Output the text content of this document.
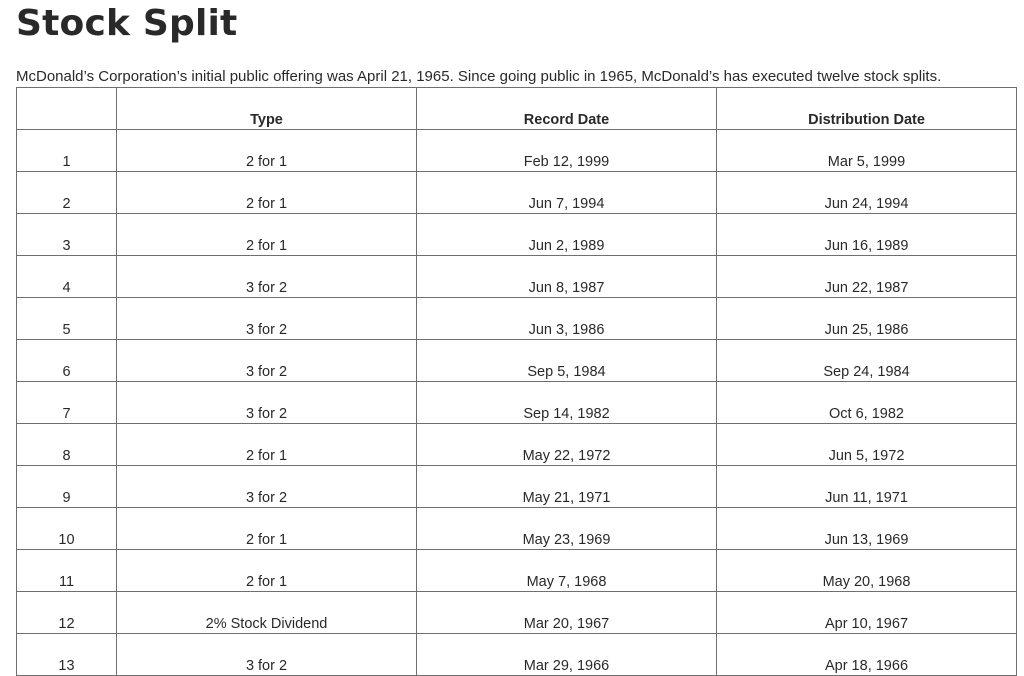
Stock Split

McDonald’s Corporation’s initial public offering was April 21, 1965. Since going public in 1965, McDonald’s has executed twelve stock splits.

	Type	Record Date	Distribution Date
1	2 for 1	Feb 12, 1999	Mar 5, 1999
2	2 for 1	Jun 7, 1994	Jun 24, 1994
3	2 for 1	Jun 2, 1989	Jun 16, 1989
4	3 for 2	Jun 8, 1987	Jun 22, 1987
5	3 for 2	Jun 3, 1986	Jun 25, 1986
6	3 for 2	Sep 5, 1984	Sep 24, 1984
7	3 for 2	Sep 14, 1982	Oct 6, 1982
8	2 for 1	May 22, 1972	Jun 5, 1972
9	3 for 2	May 21, 1971	Jun 11, 1971
10	2 for 1	May 23, 1969	Jun 13, 1969
11	2 for 1	May 7, 1968	May 20, 1968
12	2% Stock Dividend	Mar 20, 1967	Apr 10, 1967
13	3 for 2	Mar 29, 1966	Apr 18, 1966
